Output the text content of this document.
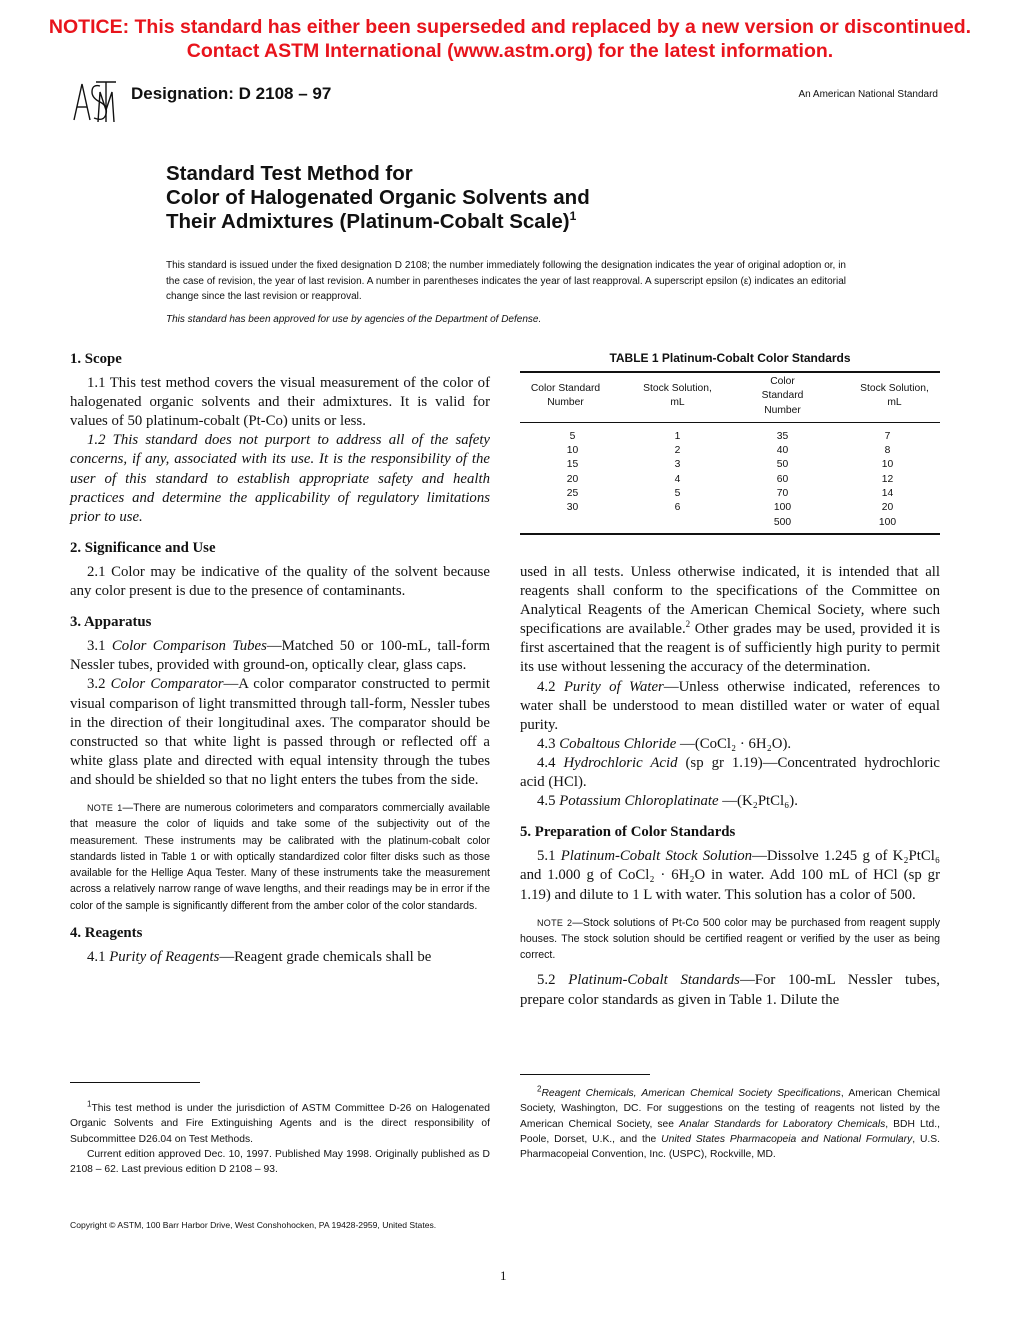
NOTICE: This standard has either been superseded and replaced by a new version or discontinued.
Contact ASTM International (www.astm.org) for the latest information.
Designation: D 2108 – 97	An American National Standard
Standard Test Method for
Color of Halogenated Organic Solvents and
Their Admixtures (Platinum-Cobalt Scale)$^1$
This standard is issued under the fixed designation D 2108; the number immediately following the designation indicates the year of original adoption or, in the case of revision, the year of last revision. A number in parentheses indicates the year of last reapproval. A superscript epsilon (ε) indicates an editorial change since the last revision or reapproval.
This standard has been approved for use by agencies of the Department of Defense.

1. Scope

1.1 This test method covers the visual measurement of the color of halogenated organic solvents and their admixtures. It is valid for values of 50 platinum-cobalt (Pt-Co) units or less.

1.2 This standard does not purport to address all of the safety concerns, if any, associated with its use. It is the responsibility of the user of this standard to establish appropriate safety and health practices and determine the applicability of regulatory limitations prior to use.

2. Significance and Use

2.1 Color may be indicative of the quality of the solvent because any color present is due to the presence of contaminants.

3. Apparatus

3.1 Color Comparison Tubes—Matched 50 or 100-mL, tall-form Nessler tubes, provided with ground-on, optically clear, glass caps.

3.2 Color Comparator—A color comparator constructed to permit visual comparison of light transmitted through tall-form, Nessler tubes in the direction of their longitudinal axes. The comparator should be constructed so that white light is passed through or reflected off a white glass plate and directed with equal intensity through the tubes and should be shielded so that no light enters the tubes from the side.

NOTE 1—There are numerous colorimeters and comparators commercially available that measure the color of liquids and take some of the subjectivity out of the measurement. These instruments may be calibrated with the platinum-cobalt color standards listed in Table 1 or with optically standardized color filter disks such as those available for the Hellige Aqua Tester. Many of these instruments take the measurement across a relatively narrow range of wave lengths, and their readings may be in error if the color of the sample is significantly different from the amber color of the color standards.

4. Reagents

4.1 Purity of Reagents—Reagent grade chemicals shall be

TABLE 1 Platinum-Cobalt Color Standards
Color Standard Number	Stock Solution, mL	Color Standard Number	Stock Solution, mL
5	1	35	7
10	2	40	8
15	3	50	10
20	4	60	12
25	5	70	14
30	6	100	20
		500	100

used in all tests. Unless otherwise indicated, it is intended that all reagents shall conform to the specifications of the Committee on Analytical Reagents of the American Chemical Society, where such specifications are available.$^2$ Other grades may be used, provided it is first ascertained that the reagent is of sufficiently high purity to permit its use without lessening the accuracy of the determination.

4.2 Purity of Water—Unless otherwise indicated, references to water shall be understood to mean distilled water or water of equal purity.

4.3 Cobaltous Chloride —(CoCl₂ · 6H₂O).

4.4 Hydrochloric Acid (sp gr 1.19)—Concentrated hydrochloric acid (HCl).

4.5 Potassium Chloroplatinate —(K₂PtCl₆).

5. Preparation of Color Standards

5.1 Platinum-Cobalt Stock Solution—Dissolve 1.245 g of K₂PtCl₆ and 1.000 g of CoCl₂ · 6H₂O in water. Add 100 mL of HCl (sp gr 1.19) and dilute to 1 L with water. This solution has a color of 500.

NOTE 2—Stock solutions of Pt-Co 500 color may be purchased from reagent supply houses. The stock solution should be certified reagent or verified by the user as being correct.

5.2 Platinum-Cobalt Standards—For 100-mL Nessler tubes, prepare color standards as given in Table 1. Dilute the

$^1$This test method is under the jurisdiction of ASTM Committee D-26 on Halogenated Organic Solvents and Fire Extinguishing Agents and is the direct responsibility of Subcommittee D26.04 on Test Methods.

Current edition approved Dec. 10, 1997. Published May 1998. Originally published as D 2108 – 62. Last previous edition D 2108 – 93.

$^2$Reagent Chemicals, American Chemical Society Specifications, American Chemical Society, Washington, DC. For suggestions on the testing of reagents not listed by the American Chemical Society, see Analar Standards for Laboratory Chemicals, BDH Ltd., Poole, Dorset, U.K., and the United States Pharmacopeia and National Formulary, U.S. Pharmacopeial Convention, Inc. (USPC), Rockville, MD.

Copyright © ASTM, 100 Barr Harbor Drive, West Conshohocken, PA 19428-2959, United States.
1
